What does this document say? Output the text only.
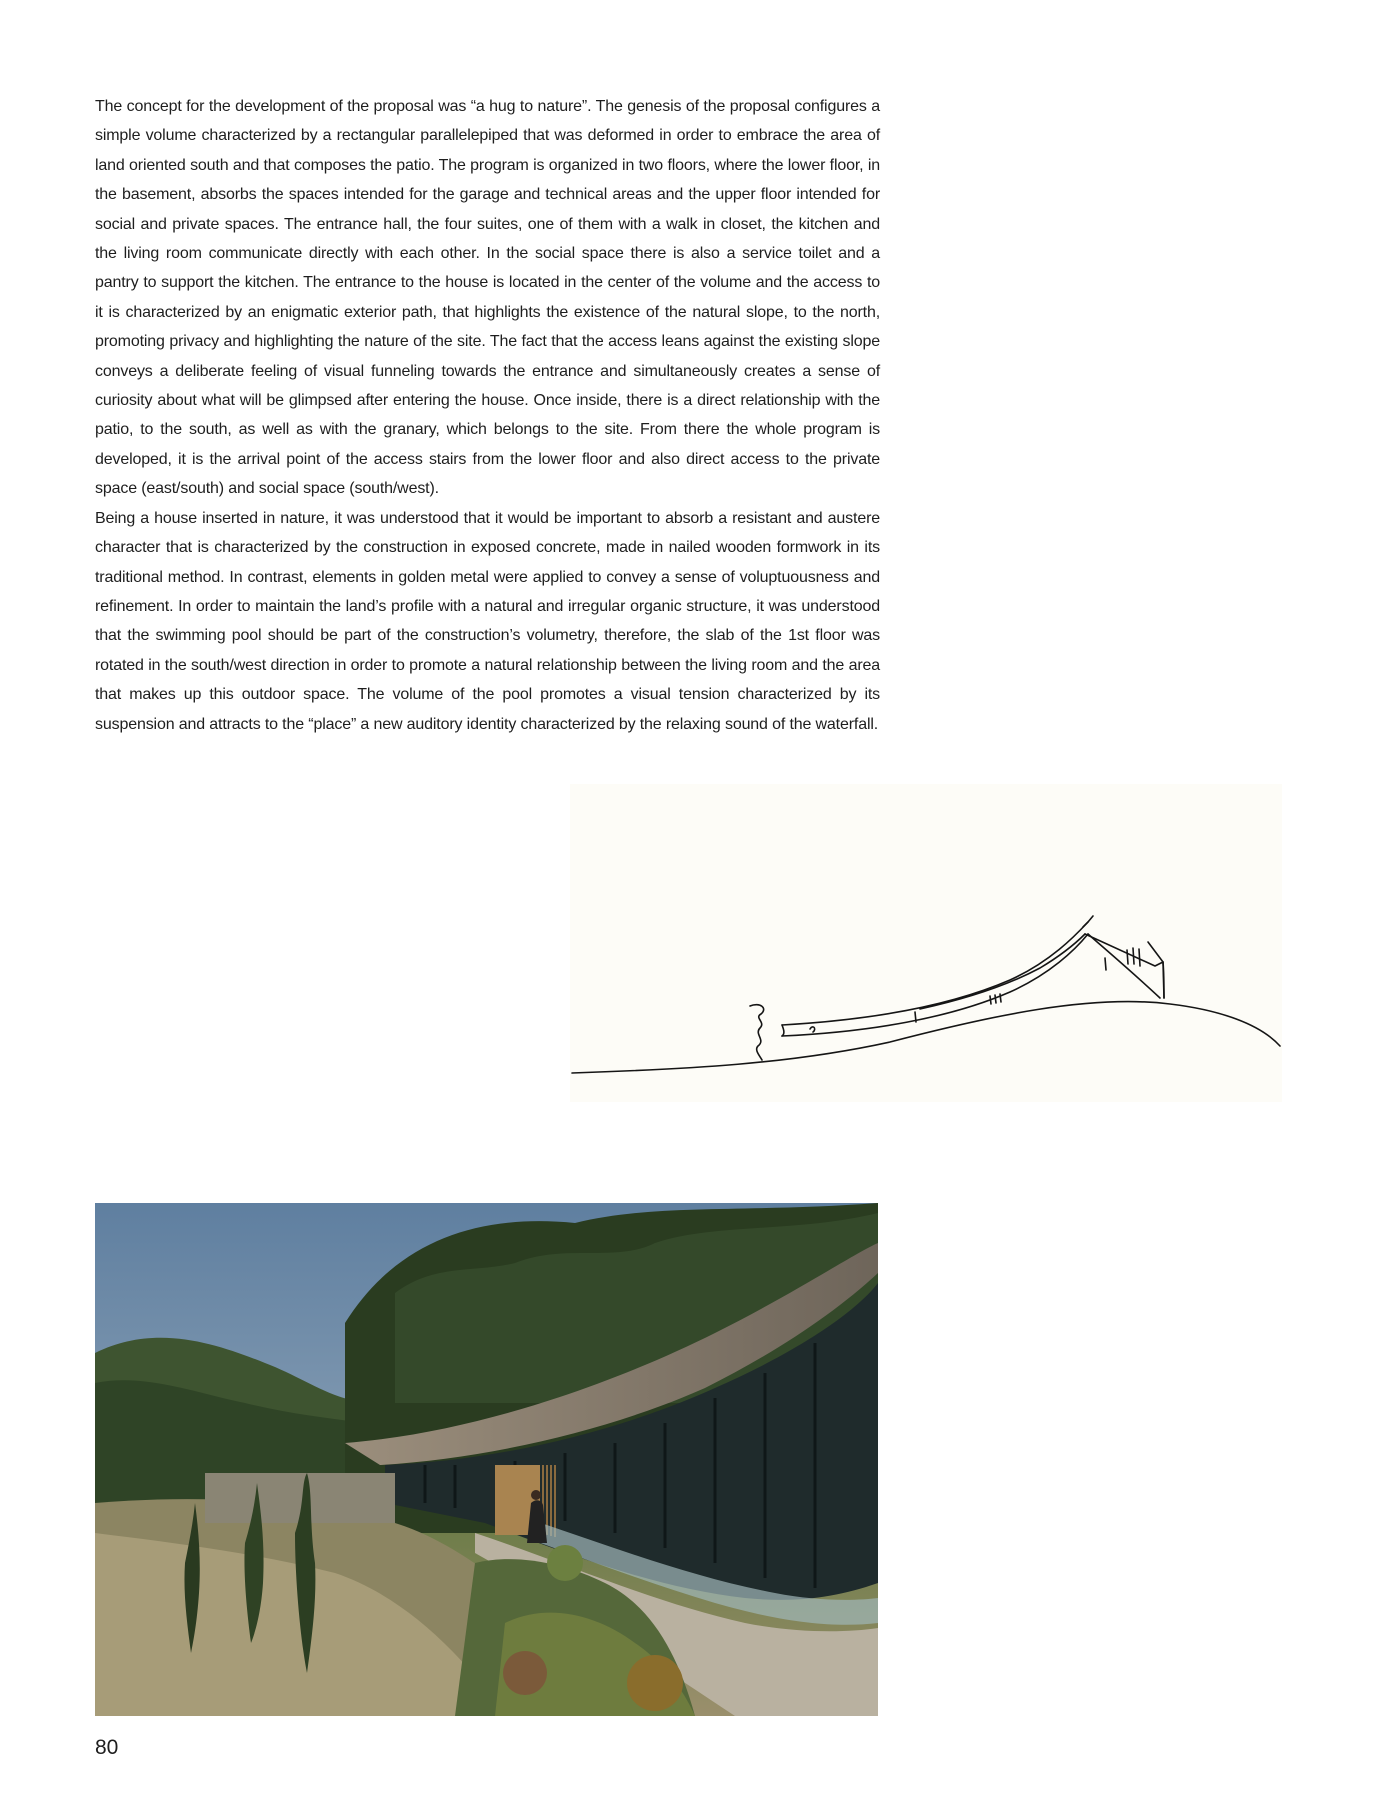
The concept for the development of the proposal was “a hug to nature”. The genesis of the proposal configures a simple volume characterized by a rectangular parallelepiped that was deformed in order to embrace the area of land oriented south and that composes the patio. The program is organized in two floors, where the lower floor, in the basement, absorbs the spaces intended for the garage and technical areas and the upper floor intended for social and private spaces. The entrance hall, the four suites, one of them with a walk in closet, the kitchen and the living room communicate directly with each other. In the social space there is also a service toilet and a pantry to support the kitchen. The entrance to the house is located in the center of the volume and the access to it is characterized by an enigmatic exterior path, that highlights the existence of the natural slope, to the north, promoting privacy and highlighting the nature of the site. The fact that the access leans against the existing slope conveys a deliberate feeling of visual funneling towards the entrance and simultaneously creates a sense of curiosity about what will be glimpsed after entering the house. Once inside, there is a direct relationship with the patio, to the south, as well as with the granary, which belongs to the site. From there the whole program is developed, it is the arrival point of the access stairs from the lower floor and also direct access to the private space (east/south) and social space (south/west).

Being a house inserted in nature, it was understood that it would be important to absorb a resistant and austere character that is characterized by the construction in exposed concrete, made in nailed wooden formwork in its traditional method. In contrast, elements in golden metal were applied to convey a sense of voluptuousness and refinement. In order to maintain the land’s profile with a natural and irregular organic structure, it was understood that the swimming pool should be part of the construction’s volumetry, therefore, the slab of the 1st floor was rotated in the south/west direction in order to promote a natural relationship between the living room and the area that makes up this outdoor space. The volume of the pool promotes a visual tension characterized by its suspension and attracts to the “place” a new auditory identity characterized by the relaxing sound of the waterfall.

80
